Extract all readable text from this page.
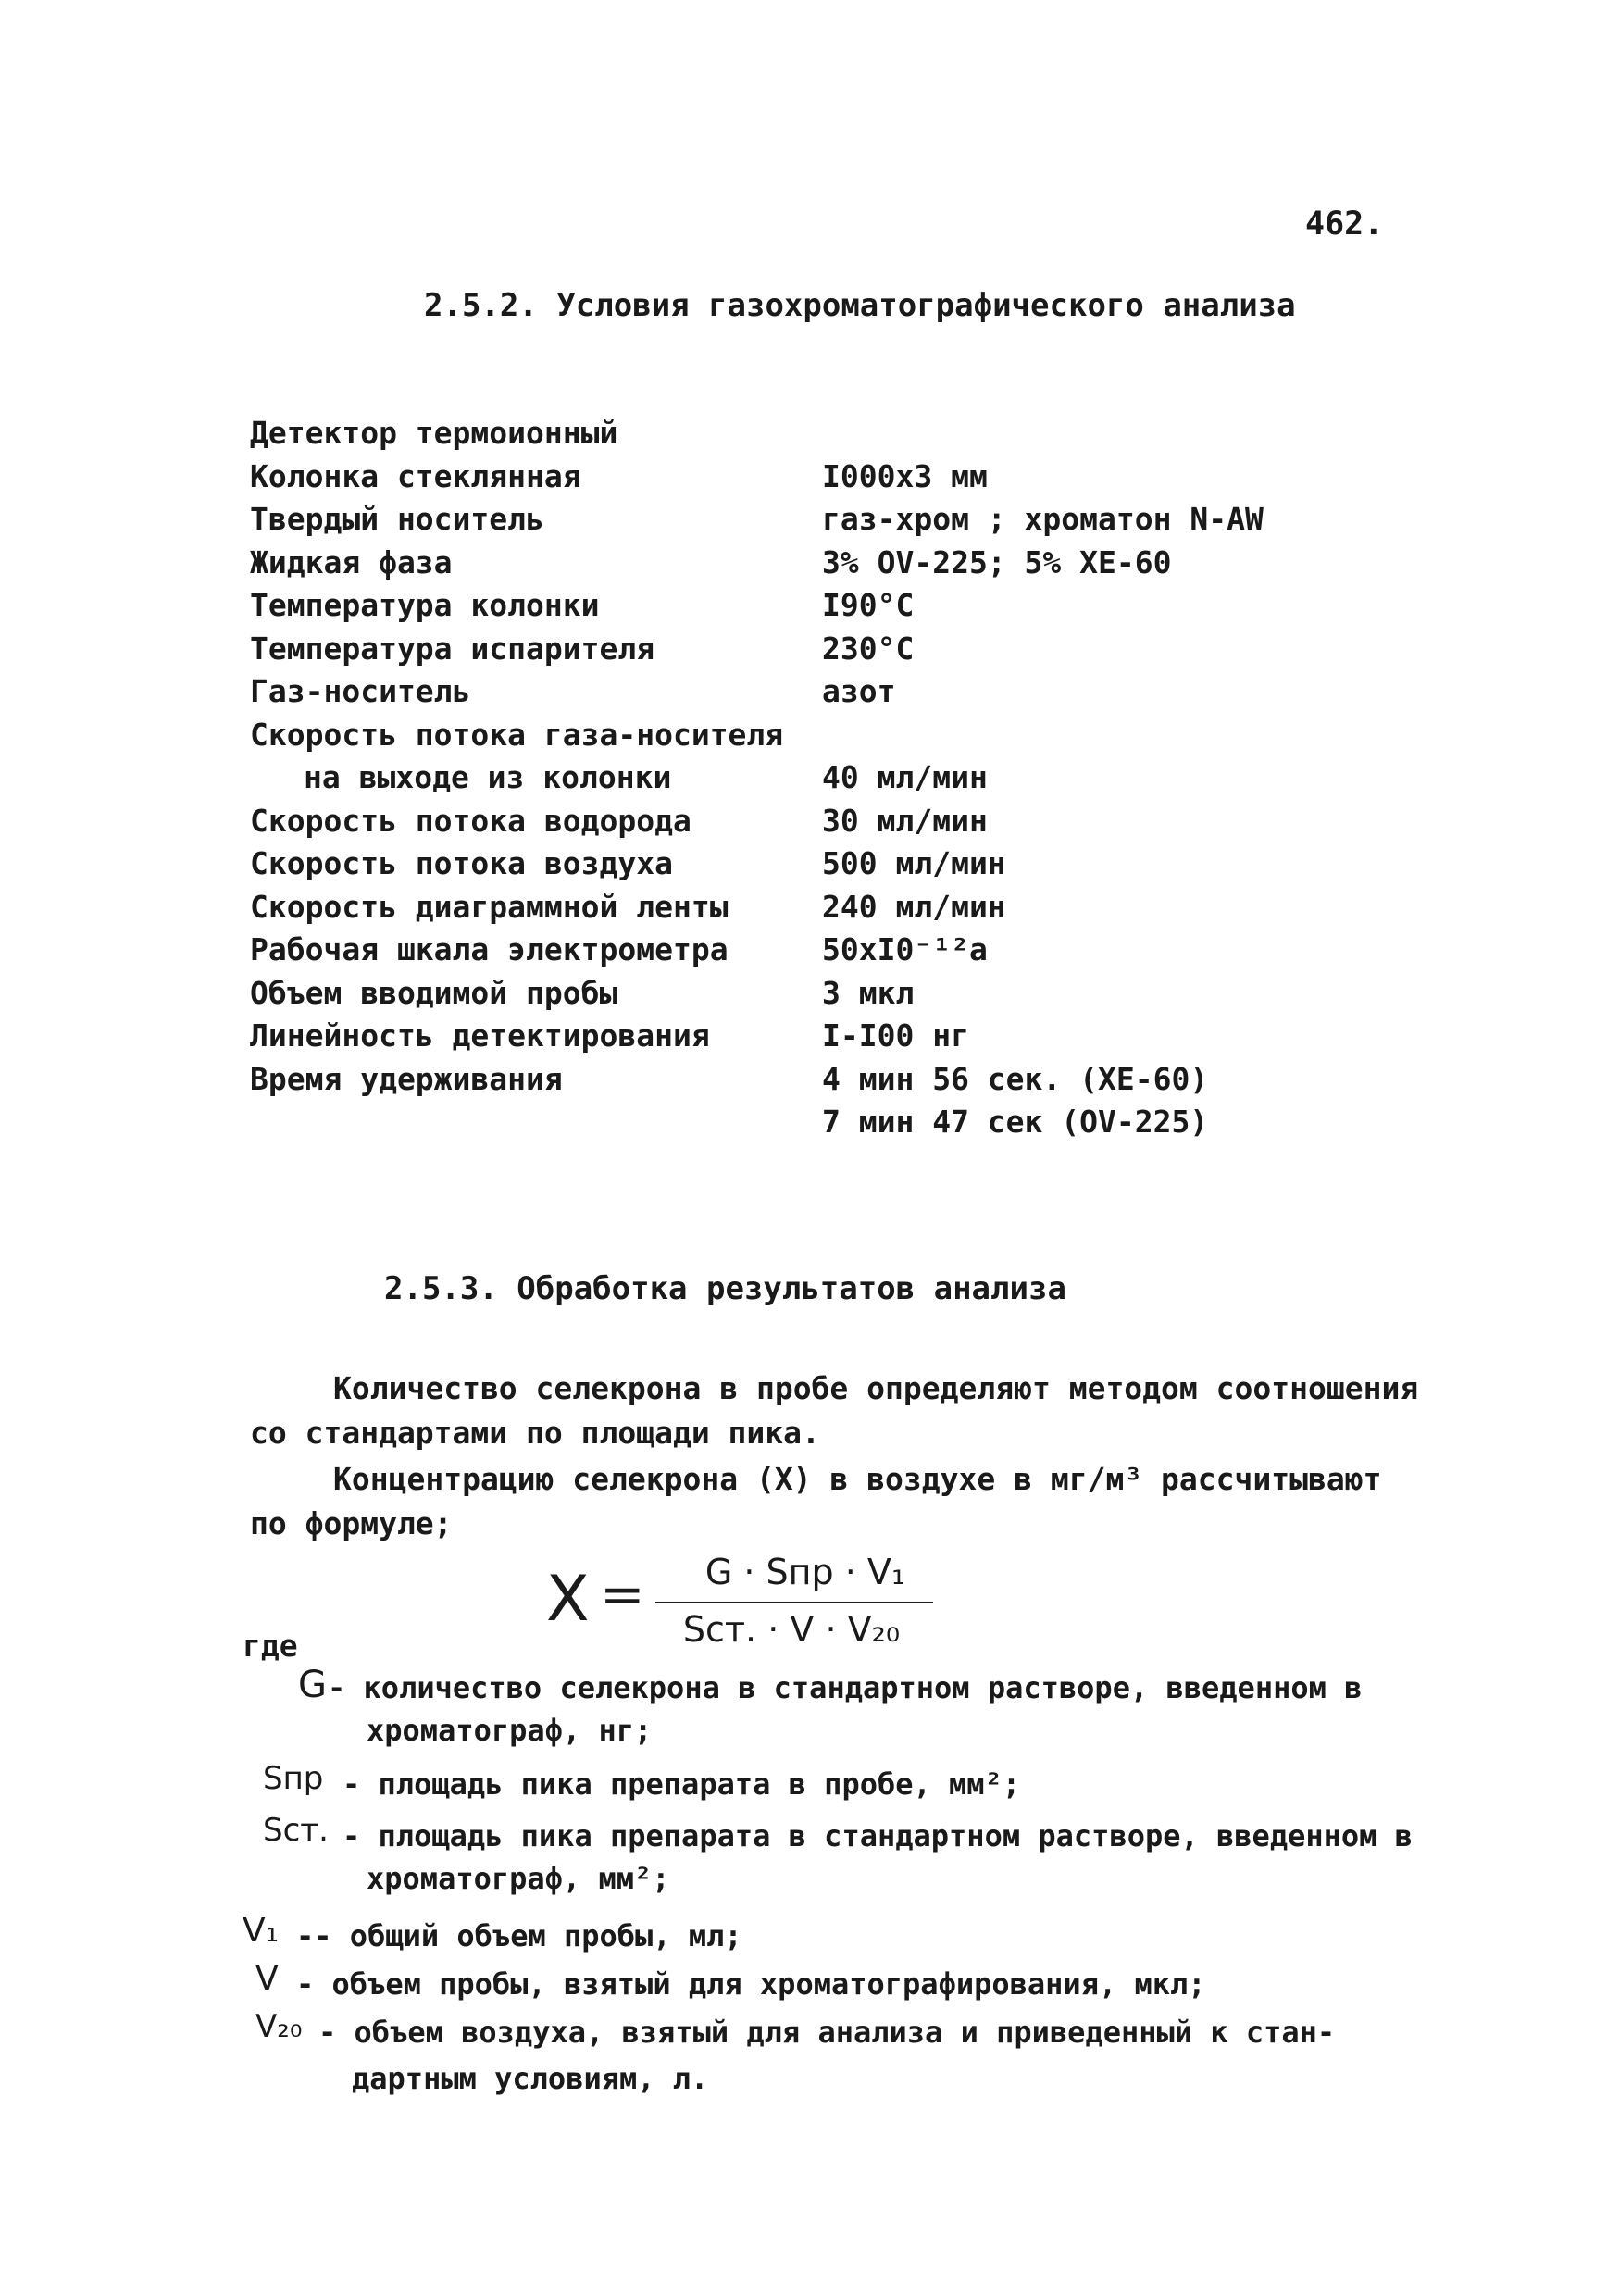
462.
2.5.2. Условия газохроматографического анализа
Детектор термоионный
Колонка стеклянная	I000x3 мм
Твердый носитель	газ-хром ; хроматон N-AW
Жидкая фаза	3% OV-225; 5% XE-60
Температура колонки	I90°C
Температура испарителя	230°C
Газ-носитель	азот
Скорость потока газа-носителя
на выходе из колонки	40 мл/мин
Скорость потока водорода	30 мл/мин
Скорость потока воздуха	500 мл/мин
Скорость диаграммной ленты	240 мл/мин
Рабочая шкала электрометра	50xI0⁻¹²a
Объем вводимой пробы	3 мкл
Линейность детектирования	I-I00 нг
Время удерживания	4 мин 56 сек. (XE-60)
7 мин 47 сек (OV-225)
2.5.3. Обработка результатов анализа
Количество селекрона в пробе определяют методом соотношения
со стандартами по площади пика.
Концентрацию селекрона (X) в воздухе в мг/м³ рассчитывают
по формуле;
X =	G · Sпр · V₁
Sст. · V · V₂₀
где
G - количество селекрона в стандартном растворе, введенном в
хроматограф, нг;
Sпр - площадь пика препарата в пробе, мм²;
Sст. - площадь пика препарата в стандартном растворе, введенном в
хроматограф, мм²;
V₁ -- общий объем пробы, мл;
V - объем пробы, взятый для хроматографирования, мкл;
V₂₀ - объем воздуха, взятый для анализа и приведенный к стан-
дартным условиям, л.
